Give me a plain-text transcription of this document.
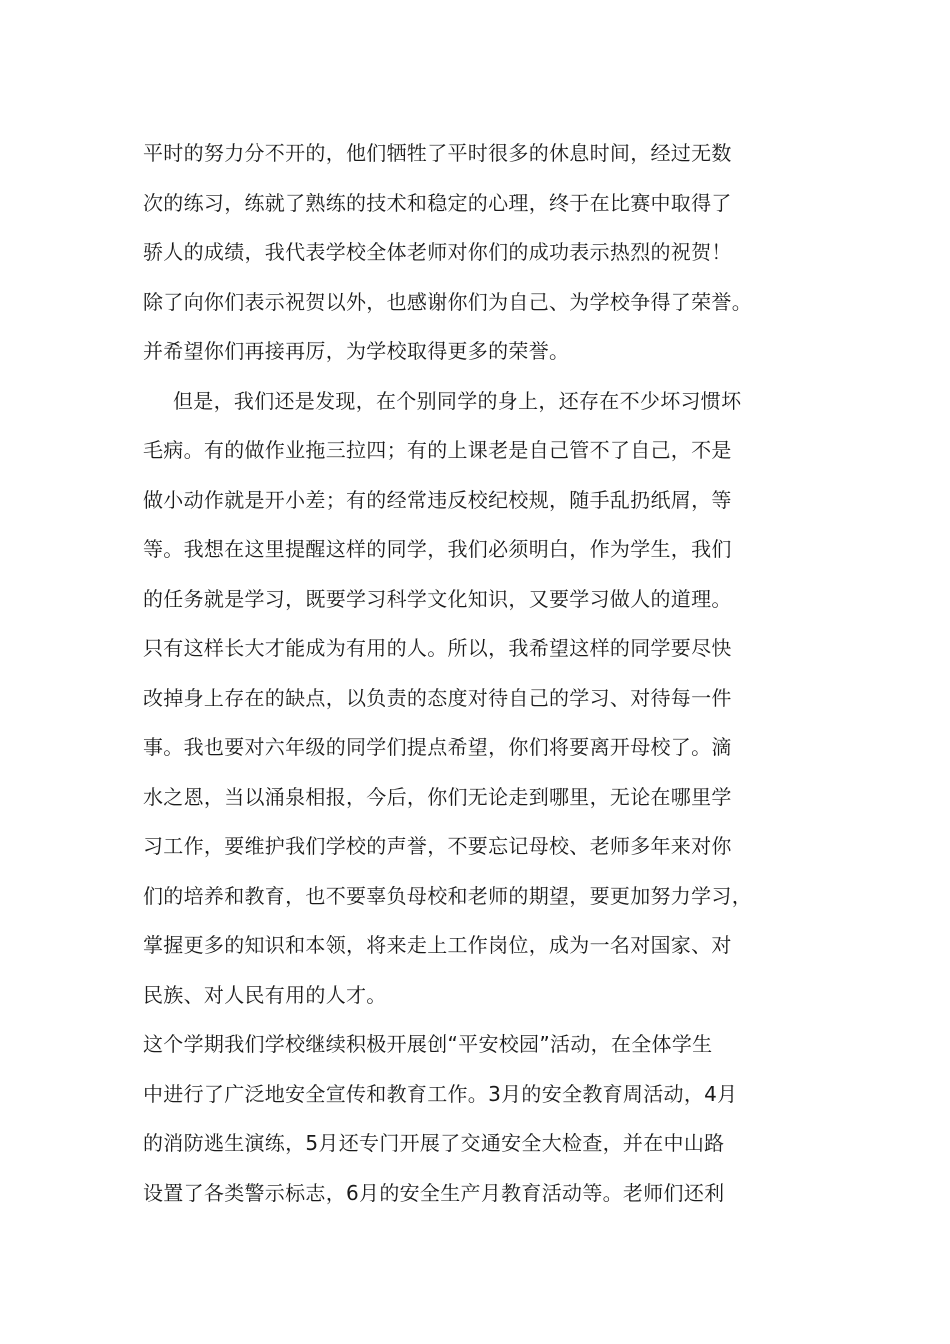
平时的努力分不开的，他们牺牲了平时很多的休息时间，经过无数
次的练习，练就了熟练的技术和稳定的心理，终于在比赛中取得了
骄人的成绩，我代表学校全体老师对你们的成功表示热烈的祝贺！
除了向你们表示祝贺以外，也感谢你们为自己、为学校争得了荣誉。
并希望你们再接再厉，为学校取得更多的荣誉。
但是，我们还是发现，在个别同学的身上，还存在不少坏习惯坏
毛病。有的做作业拖三拉四；有的上课老是自己管不了自己，不是
做小动作就是开小差；有的经常违反校纪校规，随手乱扔纸屑，等
等。我想在这里提醒这样的同学，我们必须明白，作为学生，我们
的任务就是学习，既要学习科学文化知识，又要学习做人的道理。
只有这样长大才能成为有用的人。所以，我希望这样的同学要尽快
改掉身上存在的缺点，以负责的态度对待自己的学习、对待每一件
事。我也要对六年级的同学们提点希望，你们将要离开母校了。滴
水之恩，当以涌泉相报，今后，你们无论走到哪里，无论在哪里学
习工作，要维护我们学校的声誉，不要忘记母校、老师多年来对你
们的培养和教育，也不要辜负母校和老师的期望，要更加努力学习，
掌握更多的知识和本领，将来走上工作岗位，成为一名对国家、对
民族、对人民有用的人才。
这个学期我们学校继续积极开展创“平安校园”活动，在全体学生
中进行了广泛地安全宣传和教育工作。3月的安全教育周活动，4月
的消防逃生演练，5月还专门开展了交通安全大检查，并在中山路
设置了各类警示标志，6月的安全生产月教育活动等。老师们还利
